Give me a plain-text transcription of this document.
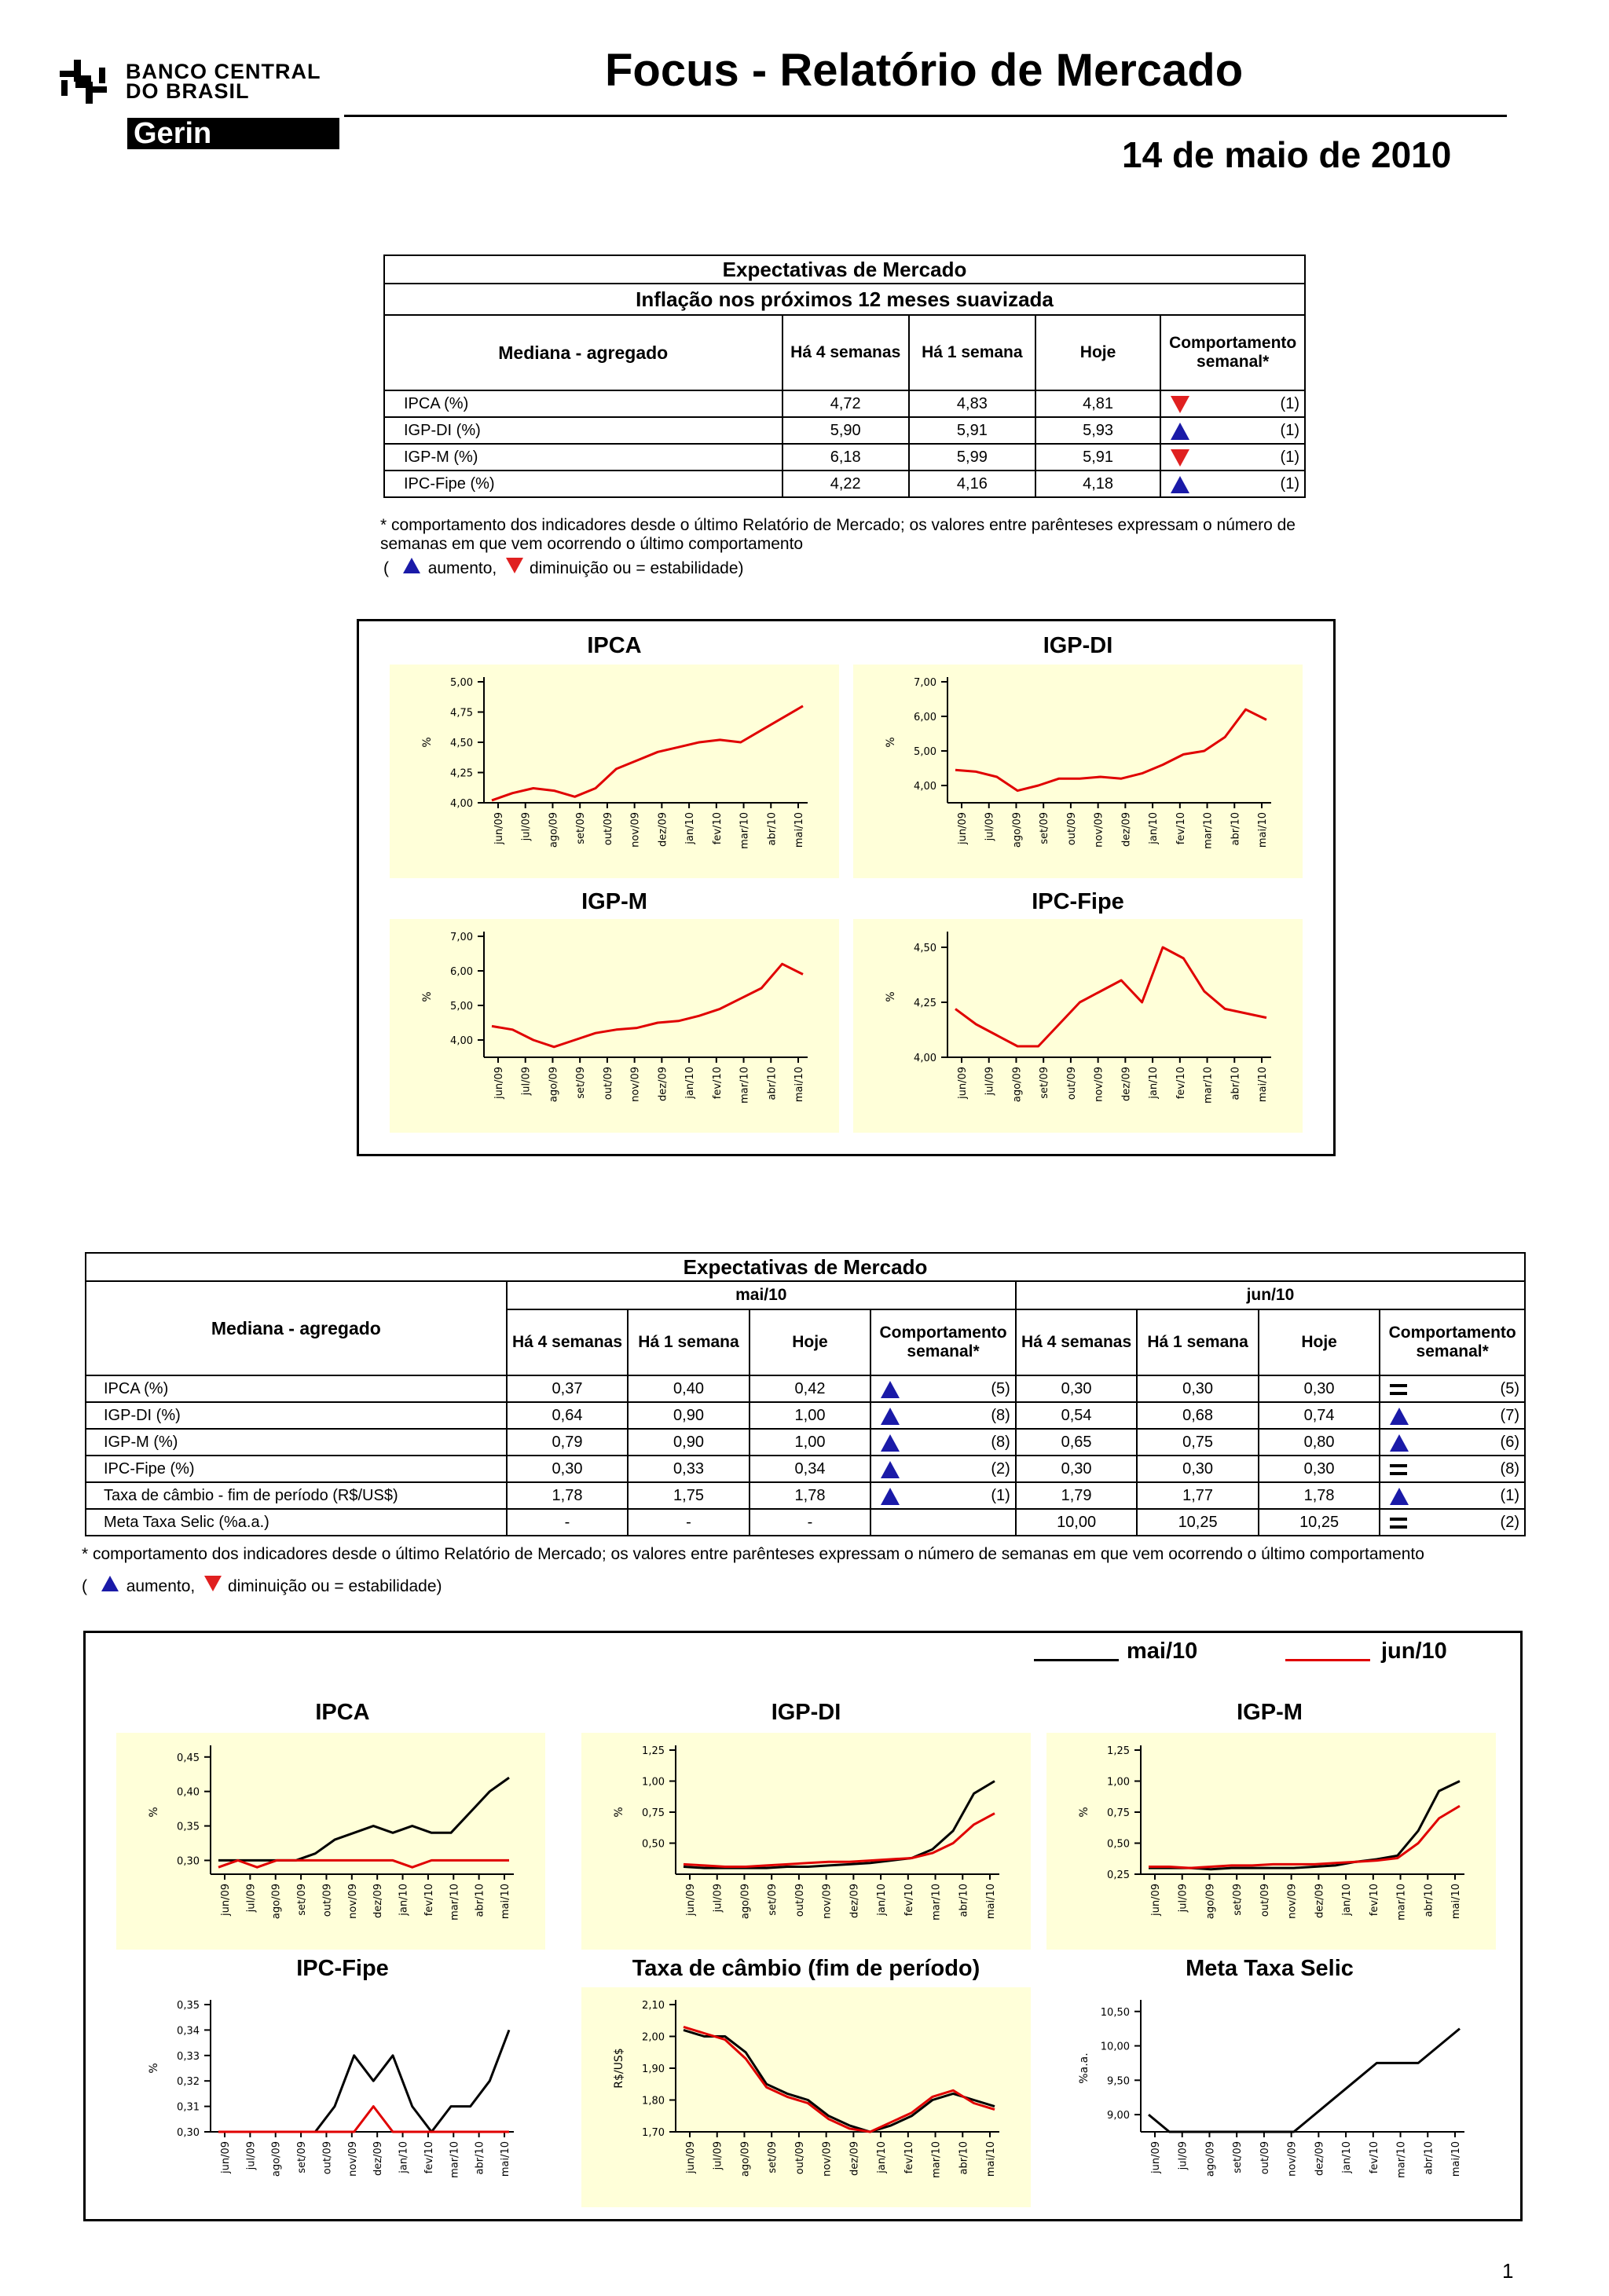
BANCO CENTRAL
DO BRASIL
Gerin
Focus - Relatório de Mercado
14 de maio de 2010
Expectativas de Mercado				
Inflação nos próximos 12 meses suavizada				
Mediana - agregado	Há 4 semanas	Há 1 semana	Hoje	Comportamento semanal*
IPCA (%)	4,72	4,83	4,81	(1)

IGP-DI (%)	5,90	5,91	5,93	(1)

IGP-M (%)	6,18	5,99	5,91	(1)

IPC-Fipe (%)	4,22	4,16	4,18	(1)
* comportamento dos indicadores desde o último Relatório de Mercado; os valores entre parênteses expressam o número de
semanas em que vem ocorrendo o último comportamento
( aumento, diminuição ou = estabilidade)
Expectativas de Mercado								
Mediana - agregado	mai/10				jun/10			
	Há 4 semanas	Há 1 semana	Hoje	Comportamento semanal*	Há 4 semanas	Há 1 semana	Hoje	Comportamento semanal*
IPCA (%)	0,37	0,40	0,42	(5)	0,30	0,30	0,30	(5)

IGP-DI (%)	0,64	0,90	1,00	(8)	0,54	0,68	0,74	(7)

IGP-M (%)	0,79	0,90	1,00	(8)	0,65	0,75	0,80	(6)

IPC-Fipe (%)	0,30	0,33	0,34	(2)	0,30	0,30	0,30	(8)

Taxa de câmbio - fim de período (R$/US$)	1,78	1,75	1,78	(1)	1,79	1,77	1,78	(1)

Meta Taxa Selic (%a.a.)	-	-	-		10,00	10,25	10,25	(2)
* comportamento dos indicadores desde o último Relatório de Mercado; os valores entre parênteses expressam o número de semanas em que vem ocorrendo o último comportamento
( aumento, diminuição ou = estabilidade)
mai/10	jun/10
IPCA
4,00
4,25
4,50
4,75
5,00
%
jun/09 jul/09 ago/09 set/09 out/09 nov/09 dez/09 jan/10 fev/10 mar/10 abr/10 mai/10
IGP-DI
4,00
5,00
6,00
7,00
%
jun/09 jul/09 ago/09 set/09 out/09 nov/09 dez/09 jan/10 fev/10 mar/10 abr/10 mai/10
IGP-M
4,00
5,00
6,00
7,00
%
jun/09 jul/09 ago/09 set/09 out/09 nov/09 dez/09 jan/10 fev/10 mar/10 abr/10 mai/10
IPC-Fipe
4,00
4,25
4,50
%
jun/09 jul/09 ago/09 set/09 out/09 nov/09 dez/09 jan/10 fev/10 mar/10 abr/10 mai/10
IPCA
0,30
0,35
0,40
0,45
%
jun/09 jul/09 ago/09 set/09 out/09 nov/09 dez/09 jan/10 fev/10 mar/10 abr/10 mai/10
IGP-DI
0,50
0,75
1,00
1,25
%
jun/09 jul/09 ago/09 set/09 out/09 nov/09 dez/09 jan/10 fev/10 mar/10 abr/10 mai/10
IGP-M
0,25
0,50
0,75
1,00
1,25
%
jun/09 jul/09 ago/09 set/09 out/09 nov/09 dez/09 jan/10 fev/10 mar/10 abr/10 mai/10
IPC-Fipe
0,30
0,31
0,32
0,33
0,34
0,35
%
jun/09 jul/09 ago/09 set/09 out/09 nov/09 dez/09 jan/10 fev/10 mar/10 abr/10 mai/10
Taxa de câmbio (fim de período)
1,70
1,80
1,90
2,00
2,10
R$/US$
jun/09 jul/09 ago/09 set/09 out/09 nov/09 dez/09 jan/10 fev/10 mar/10 abr/10 mai/10
Meta Taxa Selic
9,00
9,50
10,00
10,50
%a.a.
jun/09 jul/09 ago/09 set/09 out/09 nov/09 dez/09 jan/10 fev/10 mar/10 abr/10 mai/10
1
